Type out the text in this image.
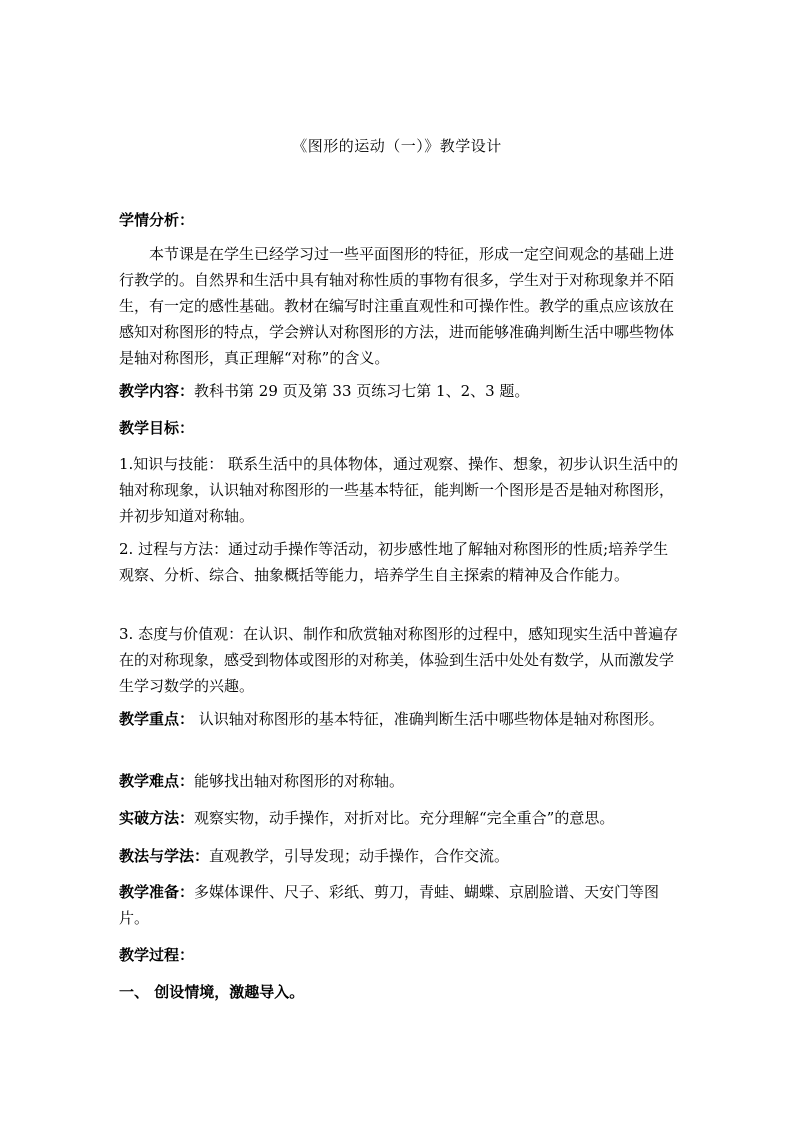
《图形的运动（一）》教学设计
学情分析：
本节课是在学生已经学习过一些平面图形的特征，形成一定空间观念的基础上进行教学的。自然界和生活中具有轴对称性质的事物有很多，学生对于对称现象并不陌生，有一定的感性基础。教材在编写时注重直观性和可操作性。教学的重点应该放在感知对称图形的特点，学会辨认对称图形的方法，进而能够准确判断生活中哪些物体是轴对称图形，真正理解“对称”的含义。
教学内容：教科书第 29 页及第 33 页练习七第 1、2、3 题。
教学目标：
1.知识与技能： 联系生活中的具体物体，通过观察、操作、想象，初步认识生活中的轴对称现象，认识轴对称图形的一些基本特征，能判断一个图形是否是轴对称图形，并初步知道对称轴。
2. 过程与方法：通过动手操作等活动，初步感性地了解轴对称图形的性质;培养学生观察、分析、综合、抽象概括等能力，培养学生自主探索的精神及合作能力。
3. 态度与价值观：在认识、制作和欣赏轴对称图形的过程中，感知现实生活中普遍存在的对称现象，感受到物体或图形的对称美，体验到生活中处处有数学，从而激发学生学习数学的兴趣。
教学重点： 认识轴对称图形的基本特征，准确判断生活中哪些物体是轴对称图形。
教学难点：能够找出轴对称图形的对称轴。
实破方法：观察实物，动手操作，对折对比。充分理解“完全重合”的意思。
教法与学法：直观教学，引导发现；动手操作，合作交流。
教学准备：多媒体课件、尺子、彩纸、剪刀，青蛙、蝴蝶、京剧脸谱、天安门等图片。
教学过程：
一、 创设情境，激趣导入。
